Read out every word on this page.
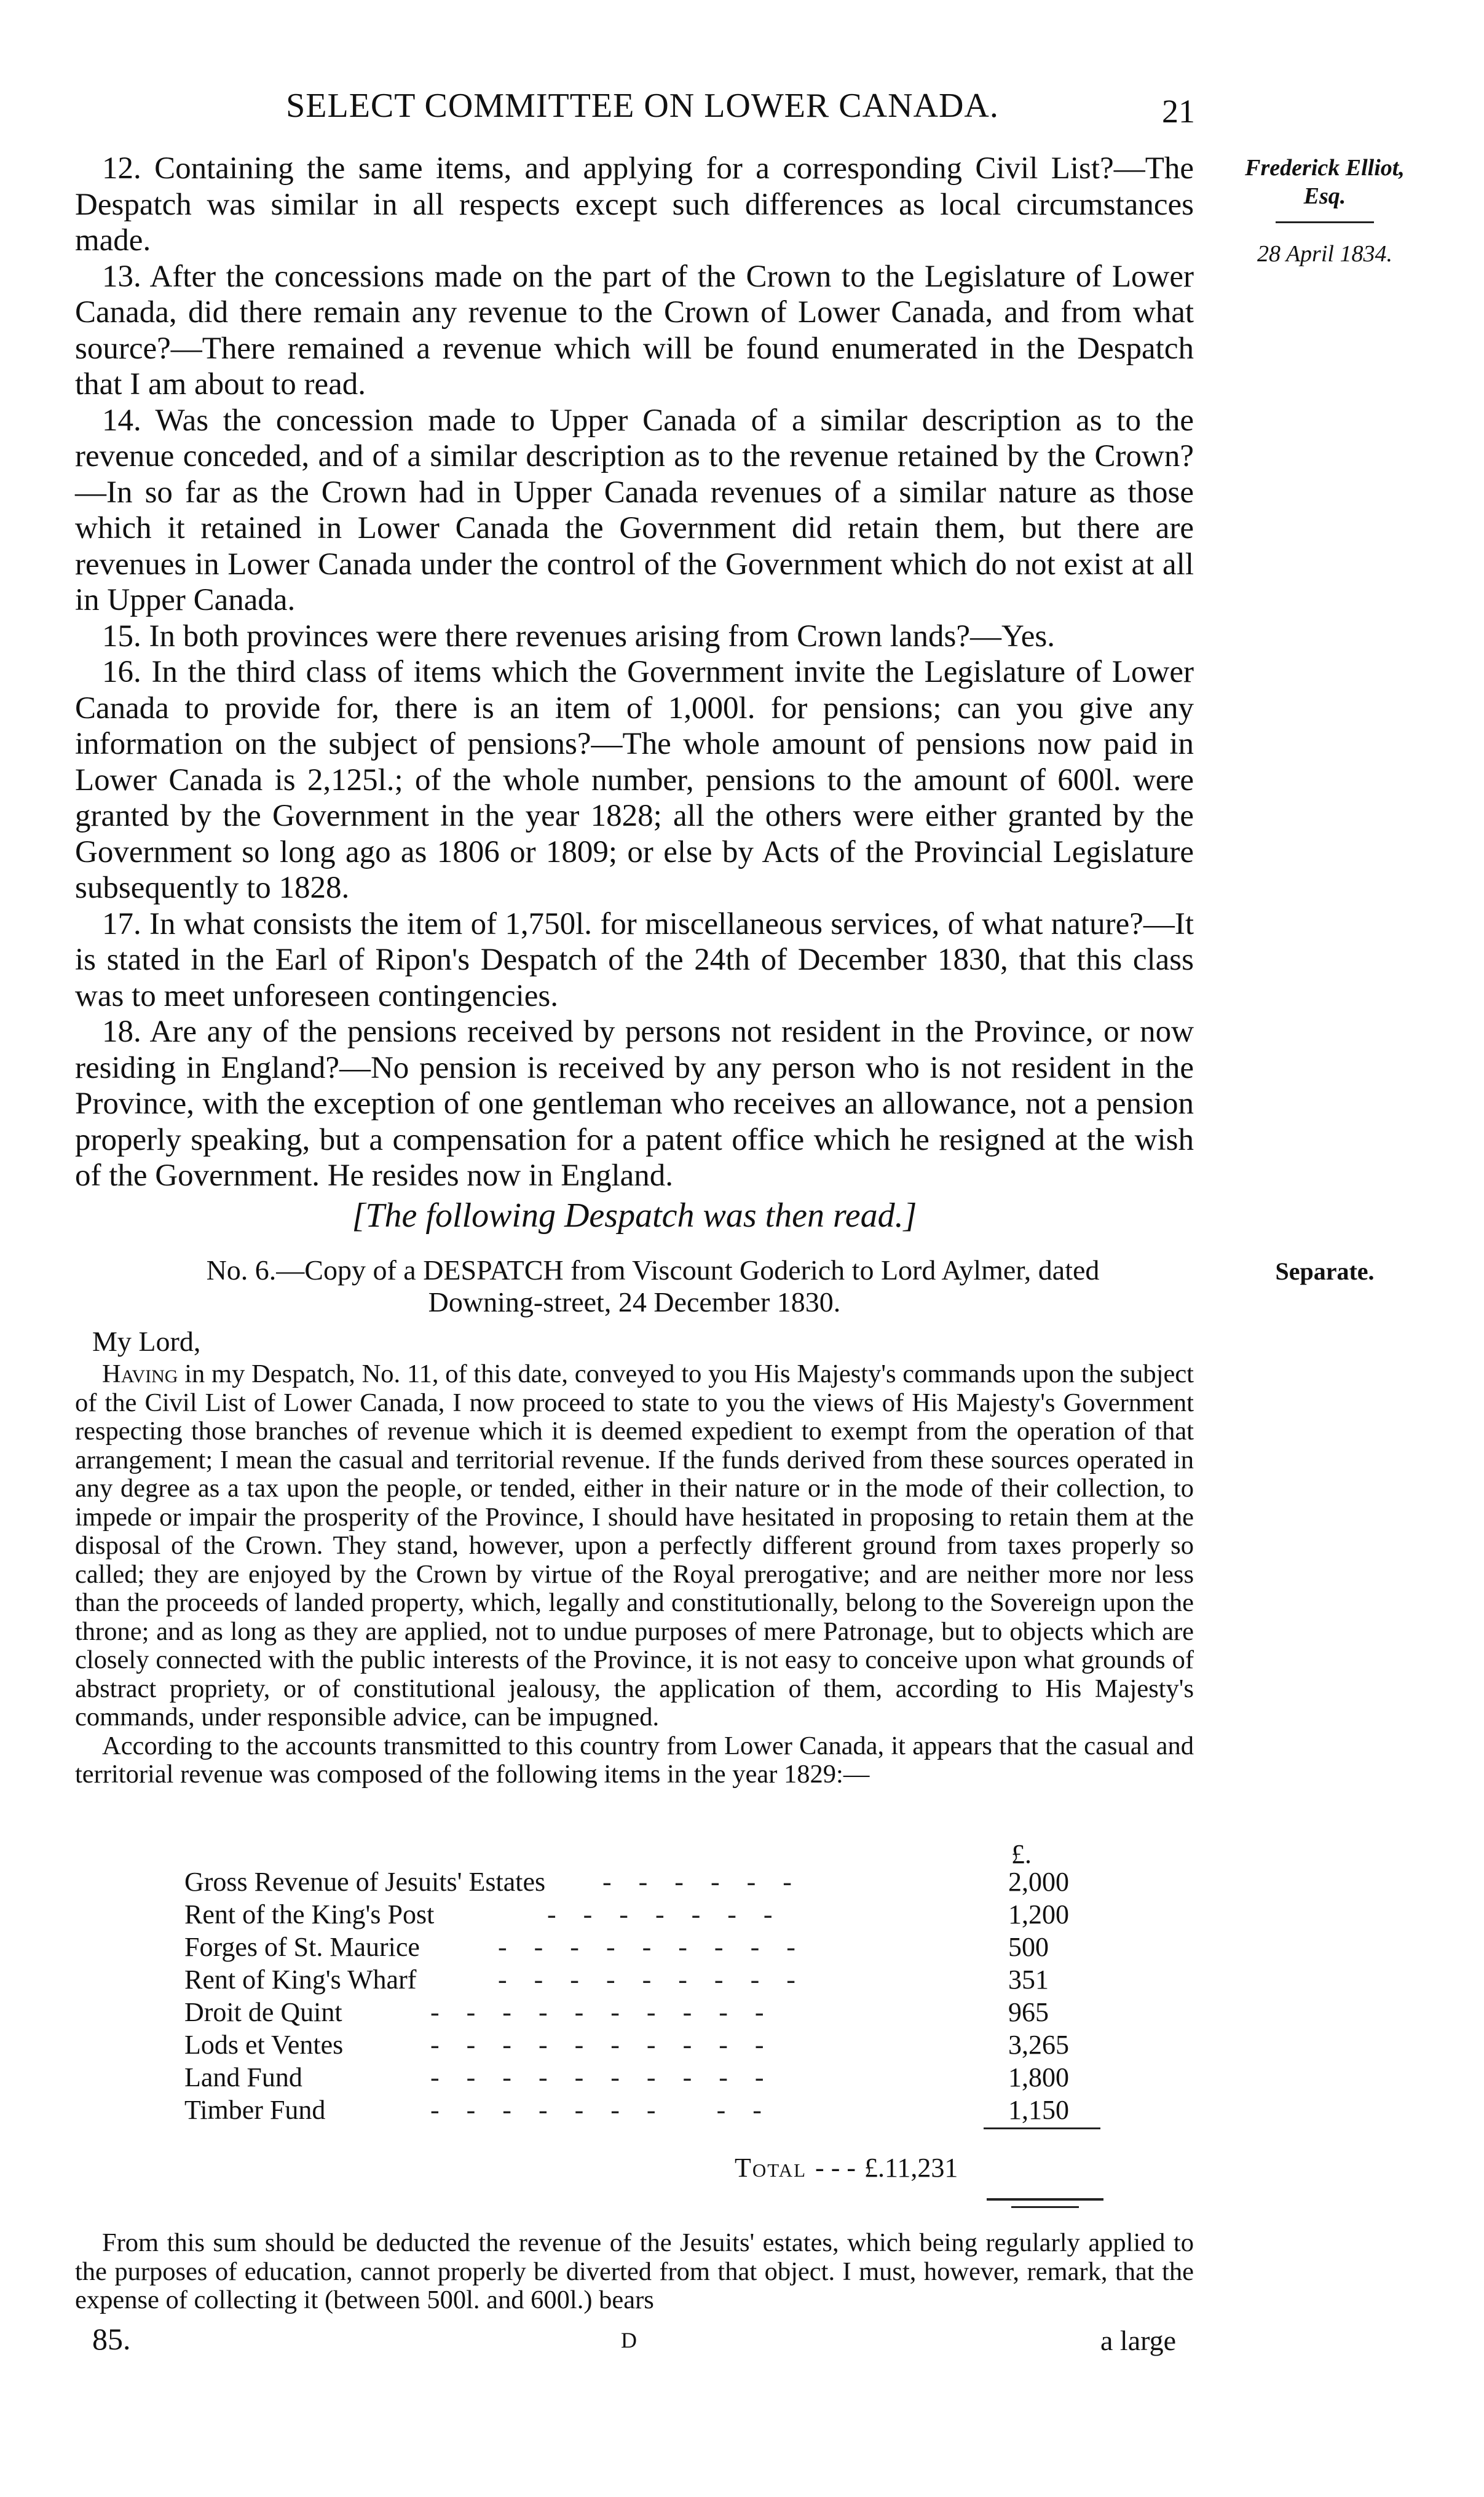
SELECT COMMITTEE ON LOWER CANADA.	21
Frederick Elliot, Esq.
28 April 1834.
Separate.

12. Containing the same items, and applying for a corresponding Civil List?—The Despatch was similar in all respects except such differences as local circumstances made.

13. After the concessions made on the part of the Crown to the Legislature of Lower Canada, did there remain any revenue to the Crown of Lower Canada, and from what source?—There remained a revenue which will be found enumerated in the Despatch that I am about to read.

14. Was the concession made to Upper Canada of a similar description as to the revenue conceded, and of a similar description as to the revenue retained by the Crown?—In so far as the Crown had in Upper Canada revenues of a similar nature as those which it retained in Lower Canada the Government did retain them, but there are revenues in Lower Canada under the control of the Government which do not exist at all in Upper Canada.

15. In both provinces were there revenues arising from Crown lands?—Yes.

16. In the third class of items which the Government invite the Legislature of Lower Canada to provide for, there is an item of 1,000l. for pensions; can you give any information on the subject of pensions?—The whole amount of pensions now paid in Lower Canada is 2,125l.; of the whole number, pensions to the amount of 600l. were granted by the Government in the year 1828; all the others were either granted by the Government so long ago as 1806 or 1809; or else by Acts of the Provincial Legislature subsequently to 1828.

17. In what consists the item of 1,750l. for miscellaneous services, of what nature?—It is stated in the Earl of Ripon's Despatch of the 24th of December 1830, that this class was to meet unforeseen contingencies.

18. Are any of the pensions received by persons not resident in the Province, or now residing in England?—No pension is received by any person who is not resident in the Province, with the exception of one gentleman who receives an allowance, not a pension properly speaking, but a compensation for a patent office which he resigned at the wish of the Government. He resides now in England.

[The following Despatch was then read.]
No. 6.—Copy of a DESPATCH from Viscount Goderich to Lord Aylmer, dated
Downing-street, 24 December 1830.
My Lord,

Having in my Despatch, No. 11, of this date, conveyed to you His Majesty's commands upon the subject of the Civil List of Lower Canada, I now proceed to state to you the views of His Majesty's Government respecting those branches of revenue which it is deemed expedient to exempt from the operation of that arrangement; I mean the casual and territorial revenue. If the funds derived from these sources operated in any degree as a tax upon the people, or tended, either in their nature or in the mode of their collection, to impede or impair the prosperity of the Province, I should have hesitated in proposing to retain them at the disposal of the Crown. They stand, however, upon a perfectly different ground from taxes properly so called; they are enjoyed by the Crown by virtue of the Royal prerogative; and are neither more nor less than the proceeds of landed property, which, legally and constitutionally, belong to the Sovereign upon the throne; and as long as they are applied, not to undue purposes of mere Patronage, but to objects which are closely connected with the public interests of the Province, it is not easy to conceive upon what grounds of abstract propriety, or of constitutional jealousy, the application of them, according to His Majesty's commands, under responsible advice, can be impugned.

According to the accounts transmitted to this country from Lower Canada, it appears that the casual and territorial revenue was composed of the following items in the year 1829:—

£.
Gross Revenue of Jesuits' Estates ------	2,000
Rent of the King's Post	-------	1,200
Forges of St. Maurice	---------	500
Rent of King's Wharf	---------	351
Droit de Quint	----------	965
Lods et Ventes	----------	3,265
Land Fund	----------	1,800
Timber Fund	------- --	1,150
Total - - - £.11,231

From this sum should be deducted the revenue of the Jesuits' estates, which being regularly applied to the purposes of education, cannot properly be diverted from that object. I must, however, remark, that the expense of collecting it (between 500l. and 600l.) bears

85.	D	a large
